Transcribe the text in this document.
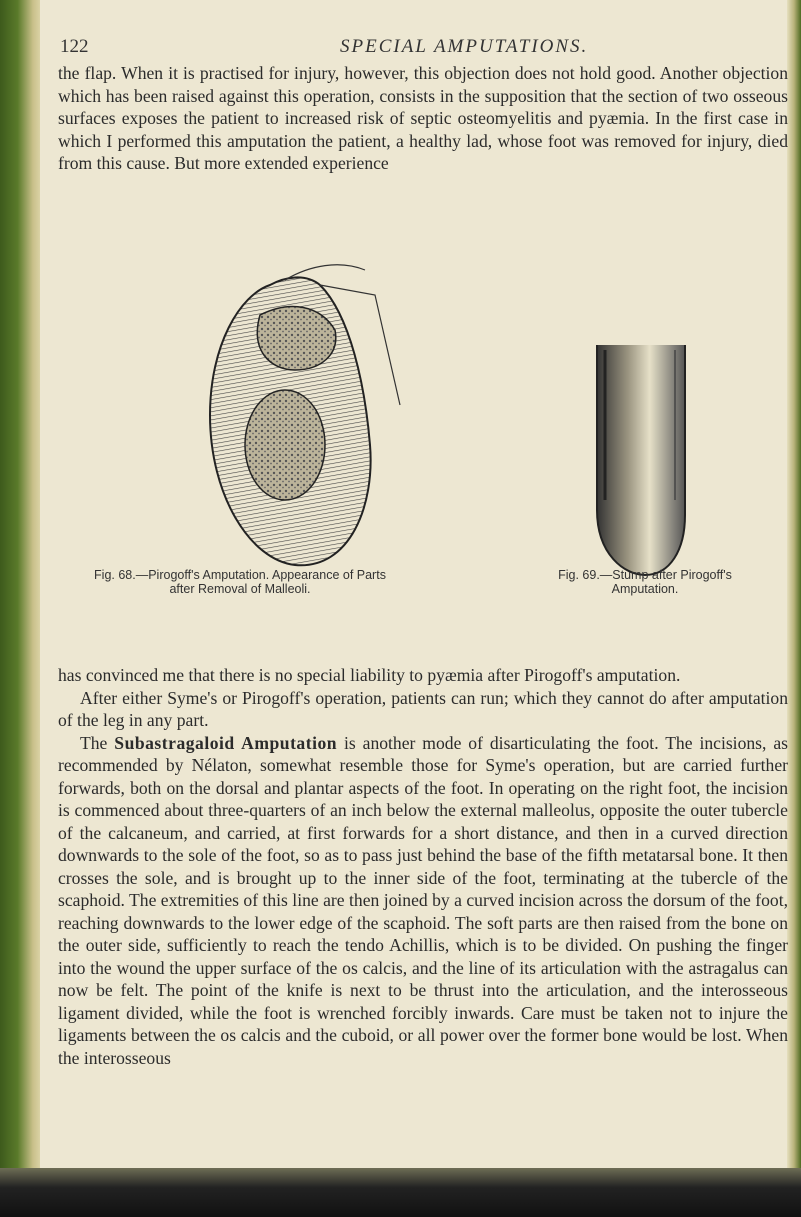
122	SPECIAL AMPUTATIONS.

the flap. When it is practised for injury, however, this objection does not hold good. Another objection which has been raised against this operation, consists in the supposition that the section of two osseous surfaces exposes the patient to increased risk of septic osteomyelitis and pyæmia. In the first case in which I performed this amputation the patient, a healthy lad, whose foot was removed for injury, died from this cause. But more extended experience

Fig. 68.—Pirogoff's Amputation. Appearance of Parts
after Removal of Malleoli.
Fig. 69.—Stump after Pirogoff's
Amputation.

has convinced me that there is no special liability to pyæmia after Pirogoff's amputation.

After either Syme's or Pirogoff's operation, patients can run; which they cannot do after amputation of the leg in any part.

The Subastragaloid Amputation is another mode of disarticulating the foot. The incisions, as recommended by Nélaton, somewhat resemble those for Syme's operation, but are carried further forwards, both on the dorsal and plantar aspects of the foot. In operating on the right foot, the incision is commenced about three-quarters of an inch below the external malleolus, opposite the outer tubercle of the calcaneum, and carried, at first forwards for a short distance, and then in a curved direction downwards to the sole of the foot, so as to pass just behind the base of the fifth metatarsal bone. It then crosses the sole, and is brought up to the inner side of the foot, terminating at the tubercle of the scaphoid. The extremities of this line are then joined by a curved incision across the dorsum of the foot, reaching downwards to the lower edge of the scaphoid. The soft parts are then raised from the bone on the outer side, sufficiently to reach the tendo Achillis, which is to be divided. On pushing the finger into the wound the upper surface of the os calcis, and the line of its articulation with the astragalus can now be felt. The point of the knife is next to be thrust into the articulation, and the interosseous ligament divided, while the foot is wrenched forcibly inwards. Care must be taken not to injure the ligaments between the os calcis and the cuboid, or all power over the former bone would be lost. When the interosseous
